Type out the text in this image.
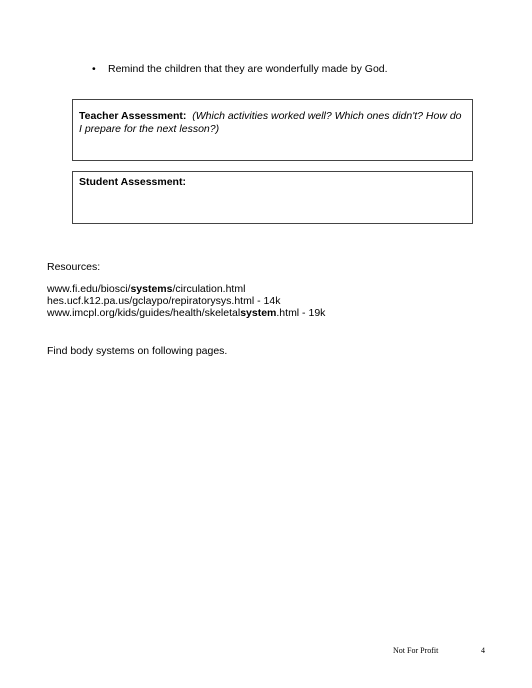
• Remind the children that they are wonderfully made by God.
Teacher Assessment: (Which activities worked well? Which ones didn't? How do I prepare for the next lesson?)
Student Assessment:
Resources:
www.fi.edu/biosci/systems/circulation.html
hes.ucf.k12.pa.us/gclaypo/repiratorysys.html - 14k
www.imcpl.org/kids/guides/health/skeletalsystem.html - 19k
Find body systems on following pages.
Not For Profit	4
